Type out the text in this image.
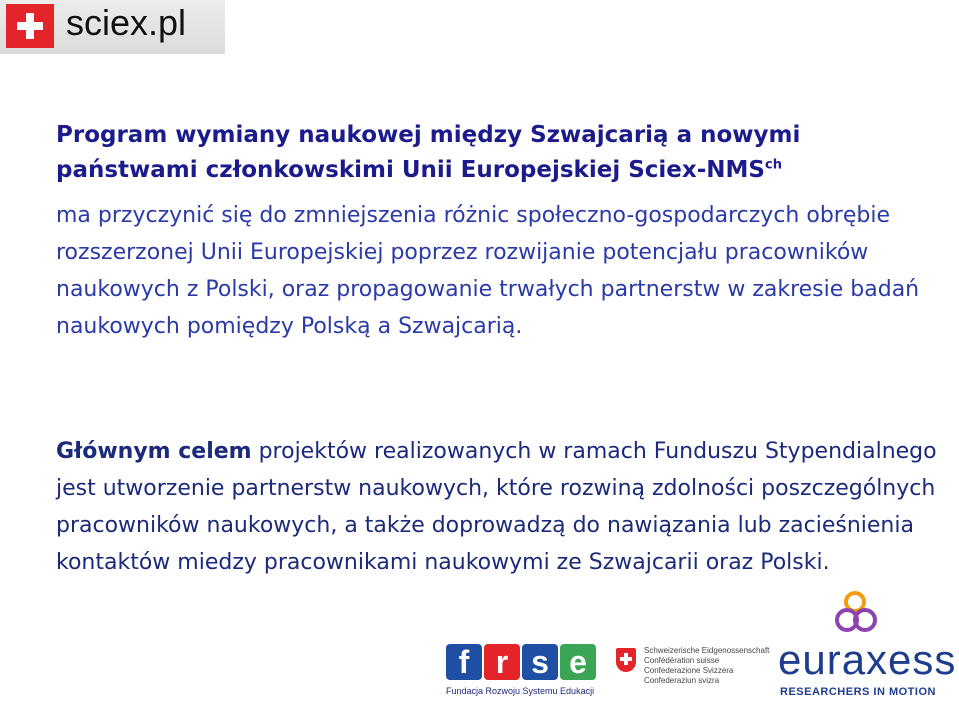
sciex.pl
Program wymiany naukowej między Szwajcarią a nowymi państwami członkowskimi Unii Europejskiej Sciex-$NMS^{ch}$
ma przyczynić się do zmniejszenia różnic społeczno-gospodarczych obrębie rozszerzonej Unii Europejskiej poprzez rozwijanie potencjału pracowników naukowych z Polski, oraz propagowanie trwałych partnerstw w zakresie badań naukowych pomiędzy Polską a Szwajcarią.
Głównym celem projektów realizowanych w ramach Funduszu Stypendialnego jest utworzenie partnerstw naukowych, które rozwiną zdolności poszczególnych pracowników naukowych, a także doprowadzą do nawiązania lub zacieśnienia kontaktów miedzy pracownikami naukowymi ze Szwajcarii oraz Polski.
f r s e
Fundacja Rozwoju Systemu Edukacji
Schweizerische Eidgenossenschaft
Confédération suisse
Confederazione Svizzera
Confederaziun svizra	euraxess
RESEARCHERS IN MOTION
